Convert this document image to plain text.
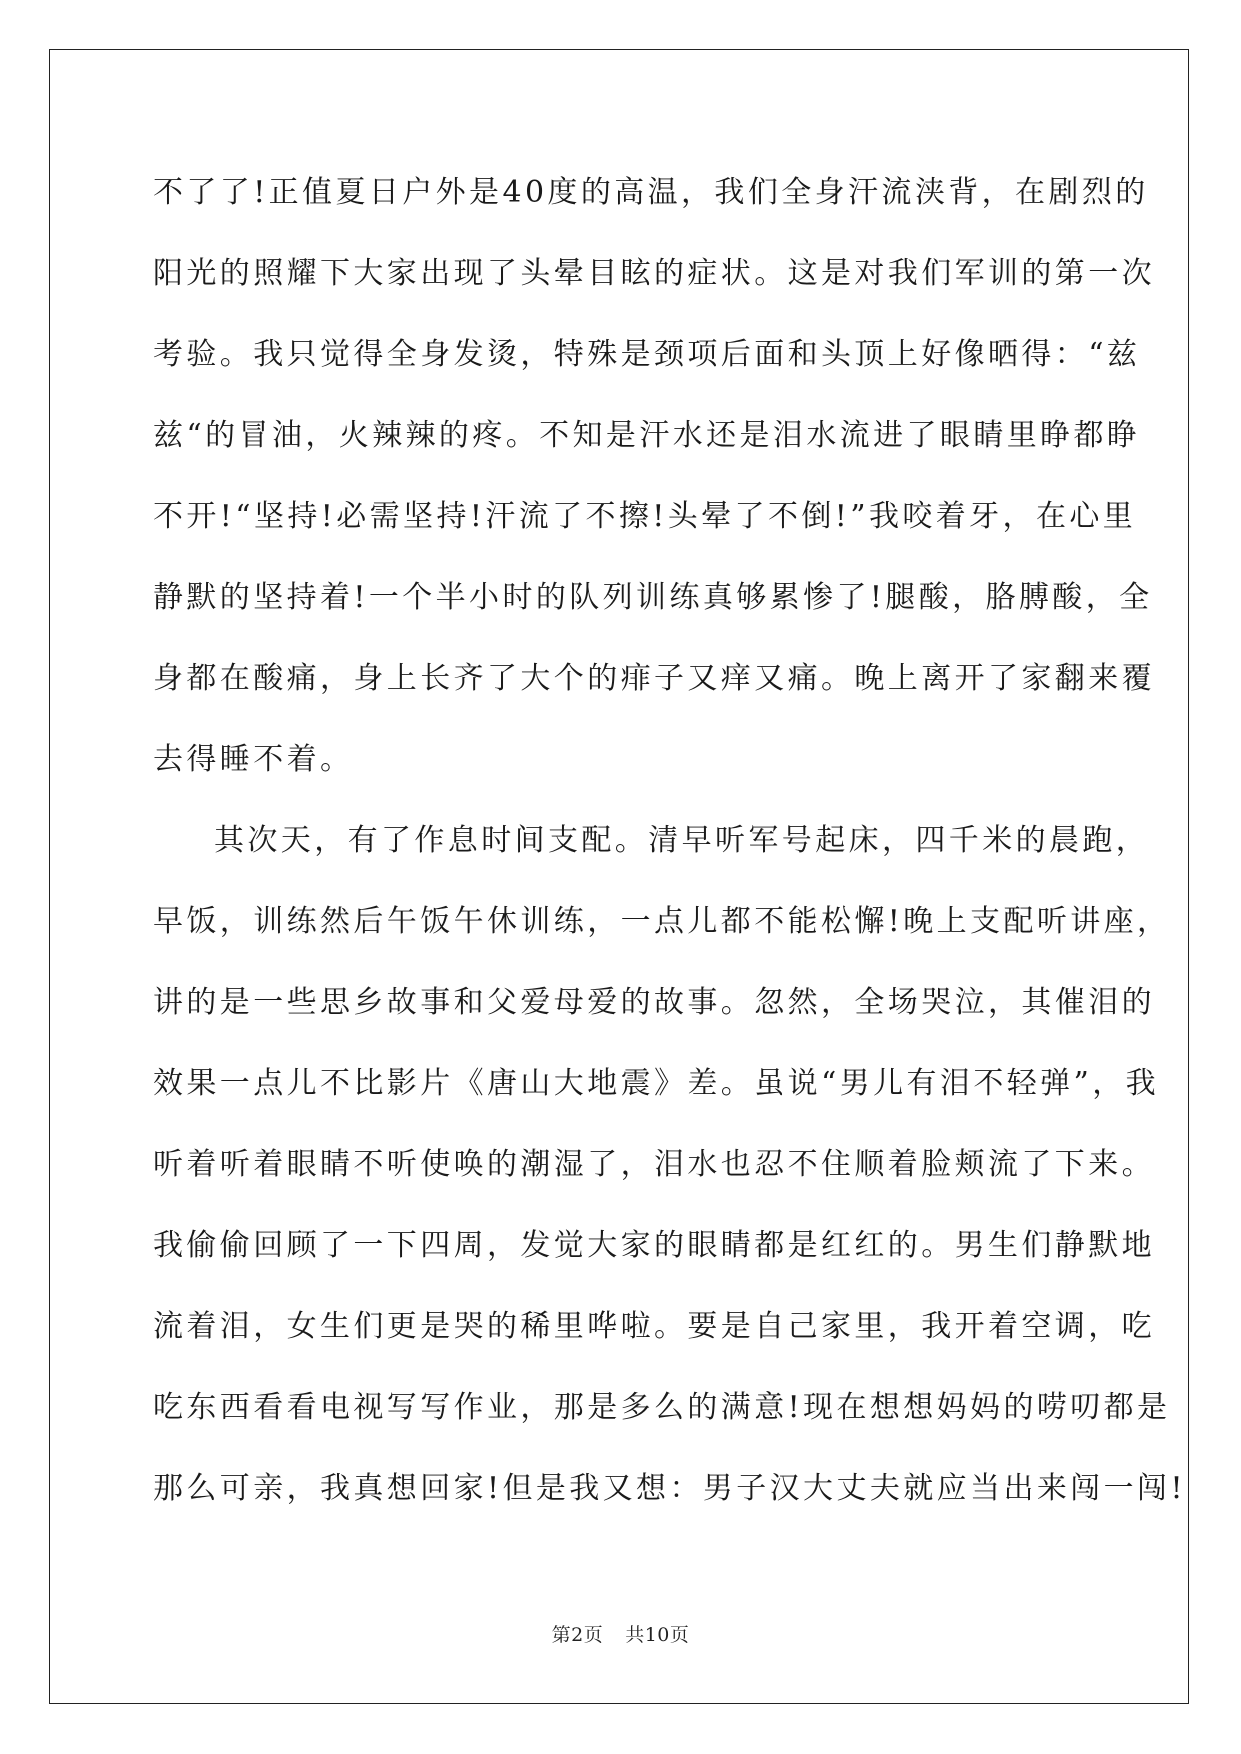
不了了!正值夏日户外是40度的高温，我们全身汗流浃背，在剧烈的
阳光的照耀下大家出现了头晕目眩的症状。这是对我们军训的第一次
考验。我只觉得全身发烫，特殊是颈项后面和头顶上好像晒得：“兹
兹“的冒油，火辣辣的疼。不知是汗水还是泪水流进了眼睛里睁都睁
不开!“坚持!必需坚持!汗流了不擦!头晕了不倒!”我咬着牙，在心里
静默的坚持着!一个半小时的队列训练真够累惨了!腿酸，胳膊酸，全
身都在酸痛，身上长齐了大个的痱子又痒又痛。晚上离开了家翻来覆
去得睡不着。
其次天，有了作息时间支配。清早听军号起床，四千米的晨跑，
早饭，训练然后午饭午休训练，一点儿都不能松懈!晚上支配听讲座，
讲的是一些思乡故事和父爱母爱的故事。忽然，全场哭泣，其催泪的
效果一点儿不比影片《唐山大地震》差。虽说“男儿有泪不轻弹”，我
听着听着眼睛不听使唤的潮湿了，泪水也忍不住顺着脸颊流了下来。
我偷偷回顾了一下四周，发觉大家的眼睛都是红红的。男生们静默地
流着泪，女生们更是哭的稀里哗啦。要是自己家里，我开着空调，吃
吃东西看看电视写写作业，那是多么的满意!现在想想妈妈的唠叨都是
那么可亲，我真想回家!但是我又想：男子汉大丈夫就应当出来闯一闯!
第2页 共10页
